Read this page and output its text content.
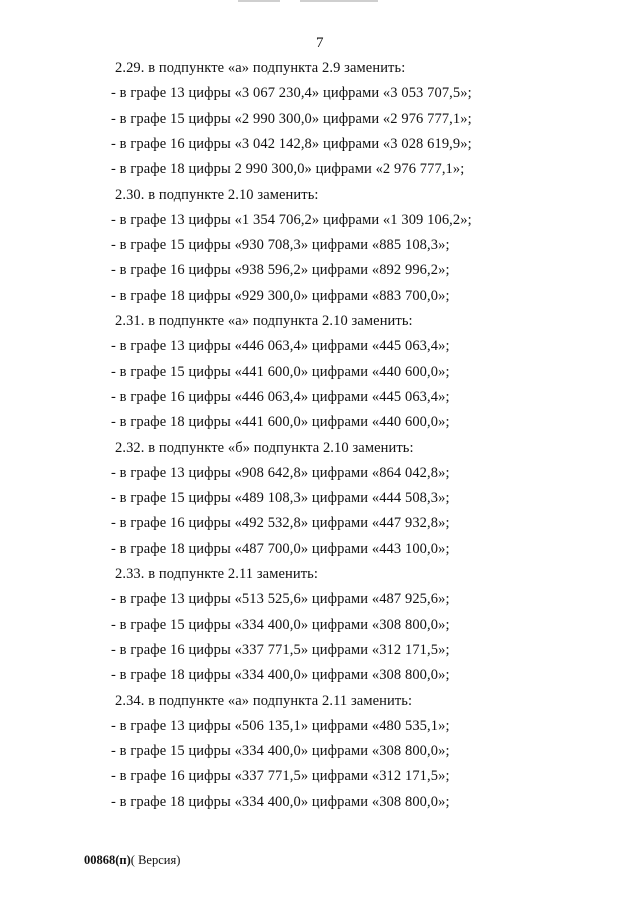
7
2.29. в подпункте «а» подпункта 2.9 заменить:
- в графе 13 цифры «3 067 230,4» цифрами «3 053 707,5»;
- в графе 15 цифры «2 990 300,0» цифрами «2 976 777,1»;
- в графе 16 цифры «3 042 142,8» цифрами «3 028 619,9»;
- в графе 18 цифры 2 990 300,0» цифрами «2 976 777,1»;
2.30. в подпункте 2.10 заменить:
- в графе 13 цифры «1 354 706,2» цифрами «1 309 106,2»;
- в графе 15 цифры «930 708,3» цифрами «885 108,3»;
- в графе 16 цифры «938 596,2» цифрами «892 996,2»;
- в графе 18 цифры «929 300,0» цифрами «883 700,0»;
2.31. в подпункте «а» подпункта 2.10 заменить:
- в графе 13 цифры «446 063,4» цифрами «445 063,4»;
- в графе 15 цифры «441 600,0» цифрами «440 600,0»;
- в графе 16 цифры «446 063,4» цифрами «445 063,4»;
- в графе 18 цифры «441 600,0» цифрами «440 600,0»;
2.32. в подпункте «б» подпункта 2.10 заменить:
- в графе 13 цифры «908 642,8» цифрами «864 042,8»;
- в графе 15 цифры «489 108,3» цифрами «444 508,3»;
- в графе 16 цифры «492 532,8» цифрами «447 932,8»;
- в графе 18 цифры «487 700,0» цифрами «443 100,0»;
2.33. в подпункте 2.11 заменить:
- в графе 13 цифры «513 525,6» цифрами «487 925,6»;
- в графе 15 цифры «334 400,0» цифрами «308 800,0»;
- в графе 16 цифры «337 771,5» цифрами «312 171,5»;
- в графе 18 цифры «334 400,0» цифрами «308 800,0»;
2.34. в подпункте «а» подпункта 2.11 заменить:
- в графе 13 цифры «506 135,1» цифрами «480 535,1»;
- в графе 15 цифры «334 400,0» цифрами «308 800,0»;
- в графе 16 цифры «337 771,5» цифрами «312 171,5»;
- в графе 18 цифры «334 400,0» цифрами «308 800,0»;
00868(п)( Версия)
